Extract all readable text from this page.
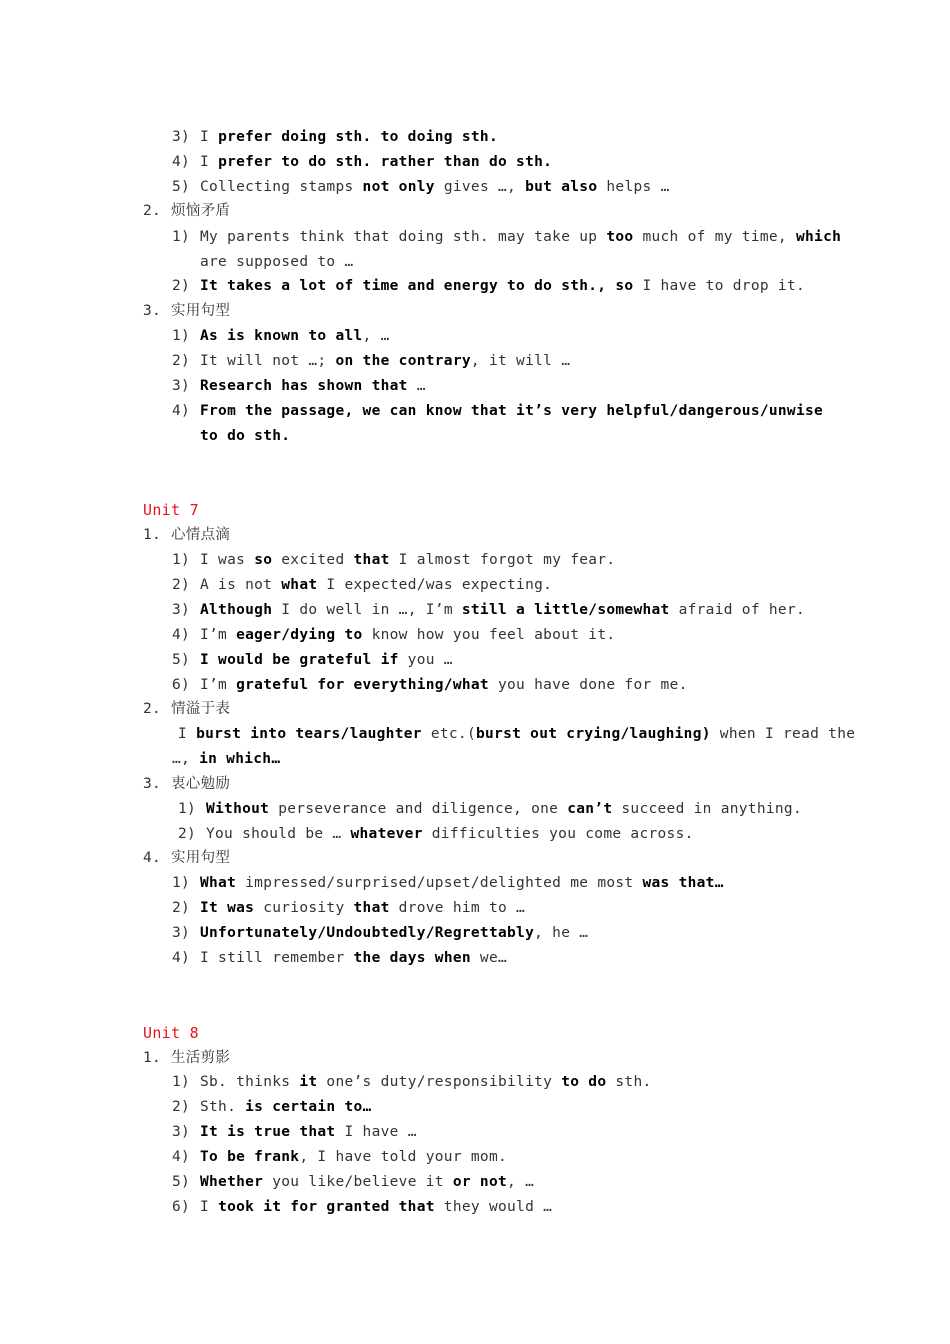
3) I prefer doing sth. to doing sth.
4) I prefer to do sth. rather than do sth.
5) Collecting stamps not only gives …, but also helps …
2. 烦恼矛盾
1) My parents think that doing sth. may take up too much of my time, which
are supposed to …
2) It takes a lot of time and energy to do sth., so I have to drop it.
3. 实用句型
1) As is known to all, …
2) It will not …; on the contrary, it will …
3) Research has shown that …
4) From the passage, we can know that it’s very helpful/dangerous/unwise
to do sth.
Unit 7
1. 心情点滴
1) I was so excited that I almost forgot my fear.
2) A is not what I expected/was expecting.
3) Although I do well in …, I’m still a little/somewhat afraid of her.
4) I’m eager/dying to know how you feel about it.
5) I would be grateful if you …
6) I’m grateful for everything/what you have done for me.
2. 情溢于表
I burst into tears/laughter etc.(burst out crying/laughing) when I read the
…, in which…
3. 衷心勉励
1) Without perseverance and diligence, one can’t succeed in anything.
2) You should be … whatever difficulties you come across.
4. 实用句型
1) What impressed/surprised/upset/delighted me most was that…
2) It was curiosity that drove him to …
3) Unfortunately/Undoubtedly/Regrettably, he …
4) I still remember the days when we…
Unit 8
1. 生活剪影
1) Sb. thinks it one’s duty/responsibility to do sth.
2) Sth. is certain to…
3) It is true that I have …
4) To be frank, I have told your mom.
5) Whether you like/believe it or not, …
6) I took it for granted that they would …
